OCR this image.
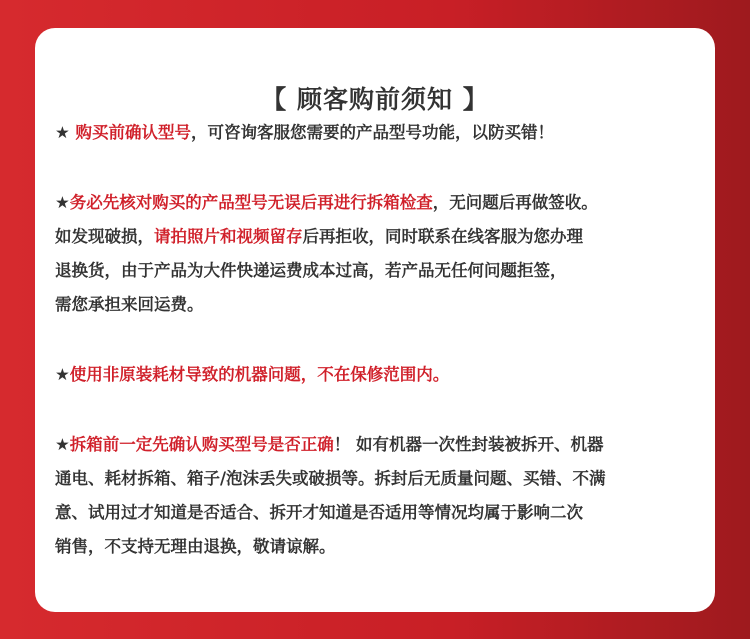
【 顾客购前须知 】
★ 购买前确认型号，可咨询客服您需要的产品型号功能，以防买错！
★务必先核对购买的产品型号无误后再进行拆箱检查，无问题后再做签收。
如发现破损，请拍照片和视频留存后再拒收，同时联系在线客服为您办理
退换货，由于产品为大件快递运费成本过高，若产品无任何问题拒签，
需您承担来回运费。
★使用非原装耗材导致的机器问题，不在保修范围内。
★拆箱前一定先确认购买型号是否正确！ 如有机器一次性封装被拆开、机器
通电、耗材拆箱、箱子/泡沫丢失或破损等。拆封后无质量问题、买错、不满
意、试用过才知道是否适合、拆开才知道是否适用等情况均属于影响二次
销售，不支持无理由退换，敬请谅解。
